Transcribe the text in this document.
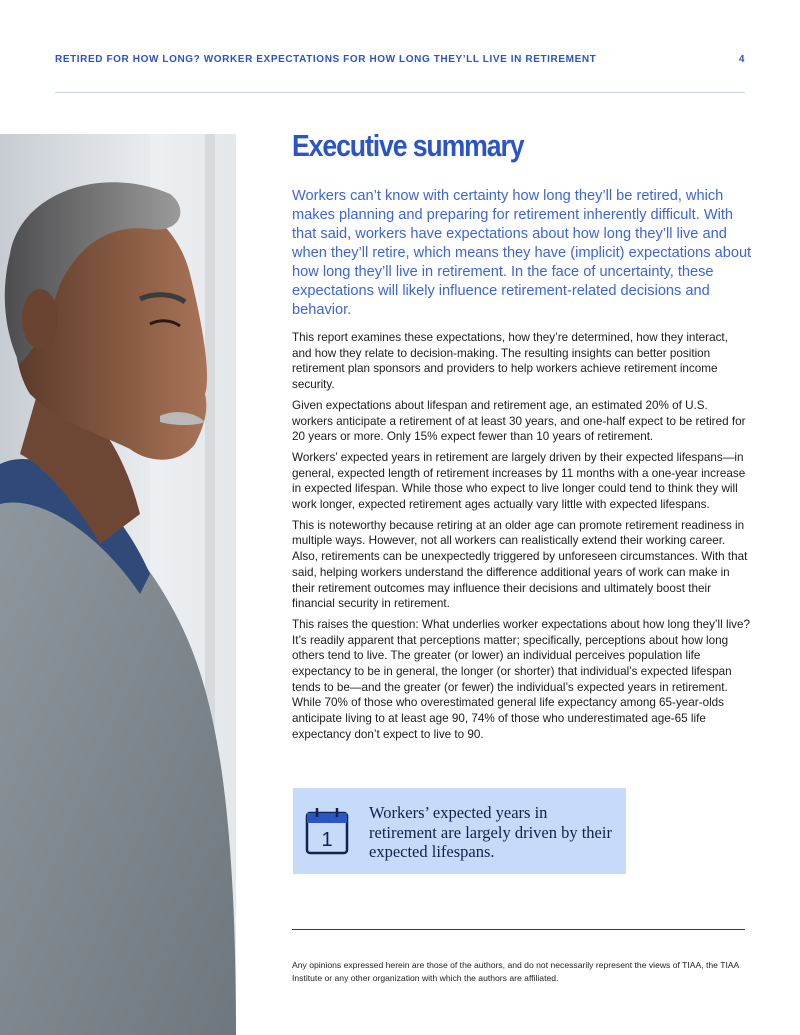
RETIRED FOR HOW LONG? WORKER EXPECTATIONS FOR HOW LONG THEY’LL LIVE IN RETIREMENT	4
Executive summary

Workers can’t know with certainty how long they’ll be retired, which makes planning and preparing for retirement inherently difficult. With that said, workers have expectations about how long they’ll live and when they’ll retire, which means they have (implicit) expectations about how long they’ll live in retirement. In the face of uncertainty, these expectations will likely influence retirement-related decisions and behavior.

This report examines these expectations, how they’re determined, how they interact, and how they relate to decision-making. The resulting insights can better position retirement plan sponsors and providers to help workers achieve retirement income security.

Given expectations about lifespan and retirement age, an estimated 20% of U.S. workers anticipate a retirement of at least 30 years, and one-half expect to be retired for 20 years or more. Only 15% expect fewer than 10 years of retirement.

Workers’ expected years in retirement are largely driven by their expected lifespans—in general, expected length of retirement increases by 11 months with a one-year increase in expected lifespan. While those who expect to live longer could tend to think they will work longer, expected retirement ages actually vary little with expected lifespans.

This is noteworthy because retiring at an older age can promote retirement readiness in multiple ways. However, not all workers can realistically extend their working career. Also, retirements can be unexpectedly triggered by unforeseen circumstances. With that said, helping workers understand the difference additional years of work can make in their retirement outcomes may influence their decisions and ultimately boost their financial security in retirement.

This raises the question: What underlies worker expectations about how long they’ll live? It’s readily apparent that perceptions matter; specifically, perceptions about how long others tend to live. The greater (or lower) an individual perceives population life expectancy to be in general, the longer (or shorter) that individual’s expected lifespan tends to be—and the greater (or fewer) the individual’s expected years in retirement. While 70% of those who overestimated general life expectancy among 65-year-olds anticipate living to at least age 90, 74% of those who underestimated age-65 life expectancy don’t expect to live to 90.

1

Workers’ expected years in retirement are largely driven by their expected lifespans.

Any opinions expressed herein are those of the authors, and do not necessarily represent the views of TIAA, the TIAA Institute or any other organization with which the authors are affiliated.
